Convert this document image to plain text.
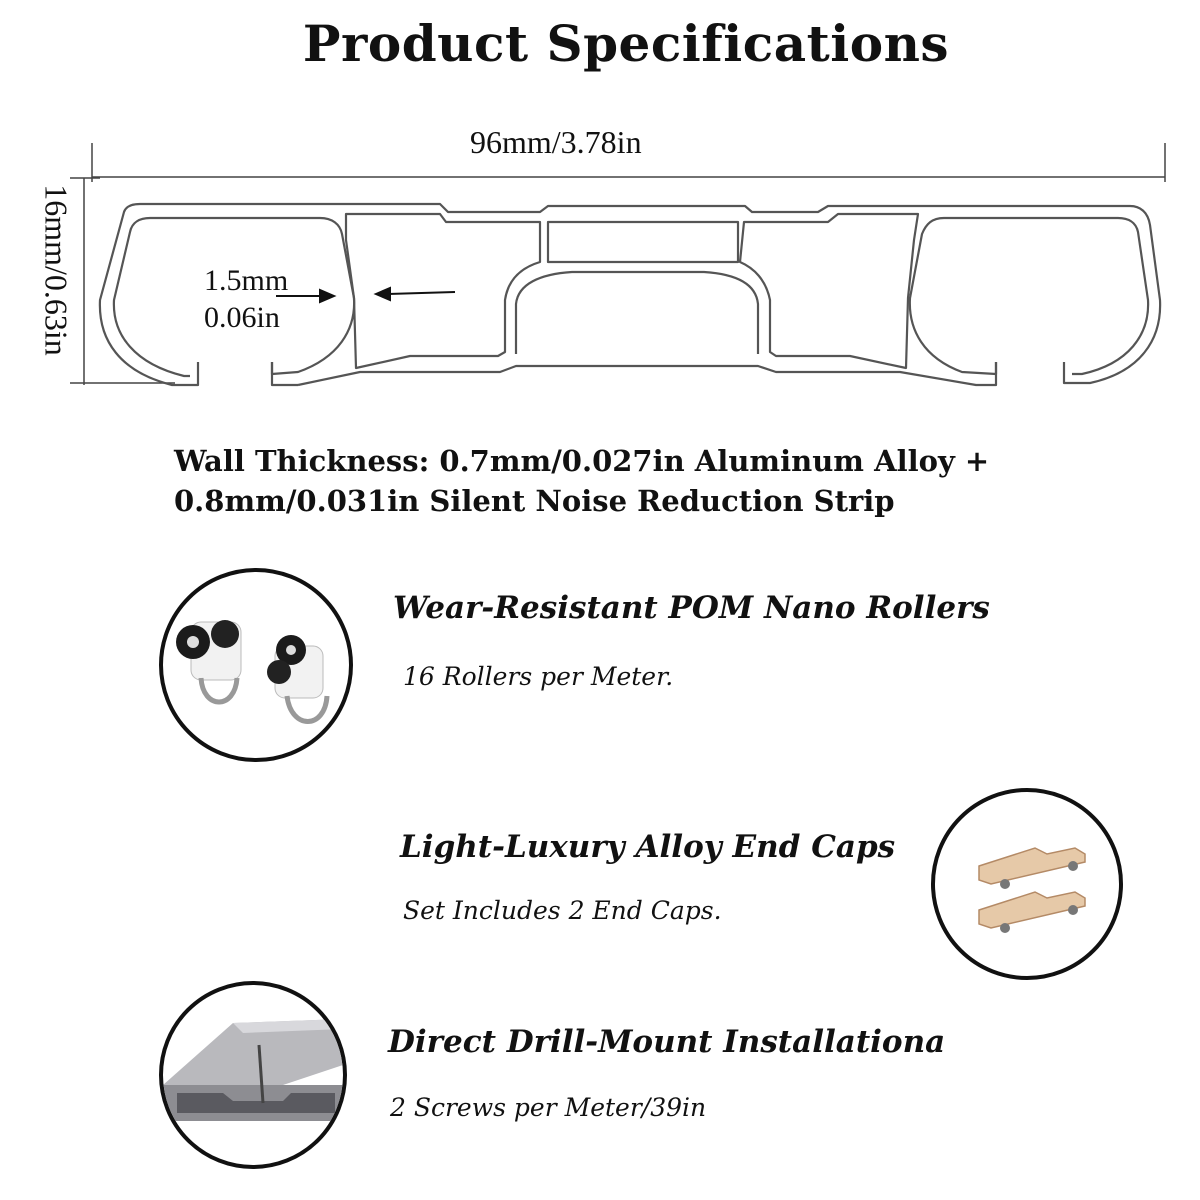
Product Specifications
96mm/3.78in
16mm/0.63in	1.5mm
0.06in
Wall Thickness: 0.7mm/0.027in Aluminum Alloy +
0.8mm/0.031in Silent Noise Reduction Strip
Wear-Resistant POM Nano Rollers
16 Rollers per Meter.
Light-Luxury Alloy End Caps
Set Includes 2 End Caps.
Direct Drill-Mount Installationa
2 Screws per Meter/39in
